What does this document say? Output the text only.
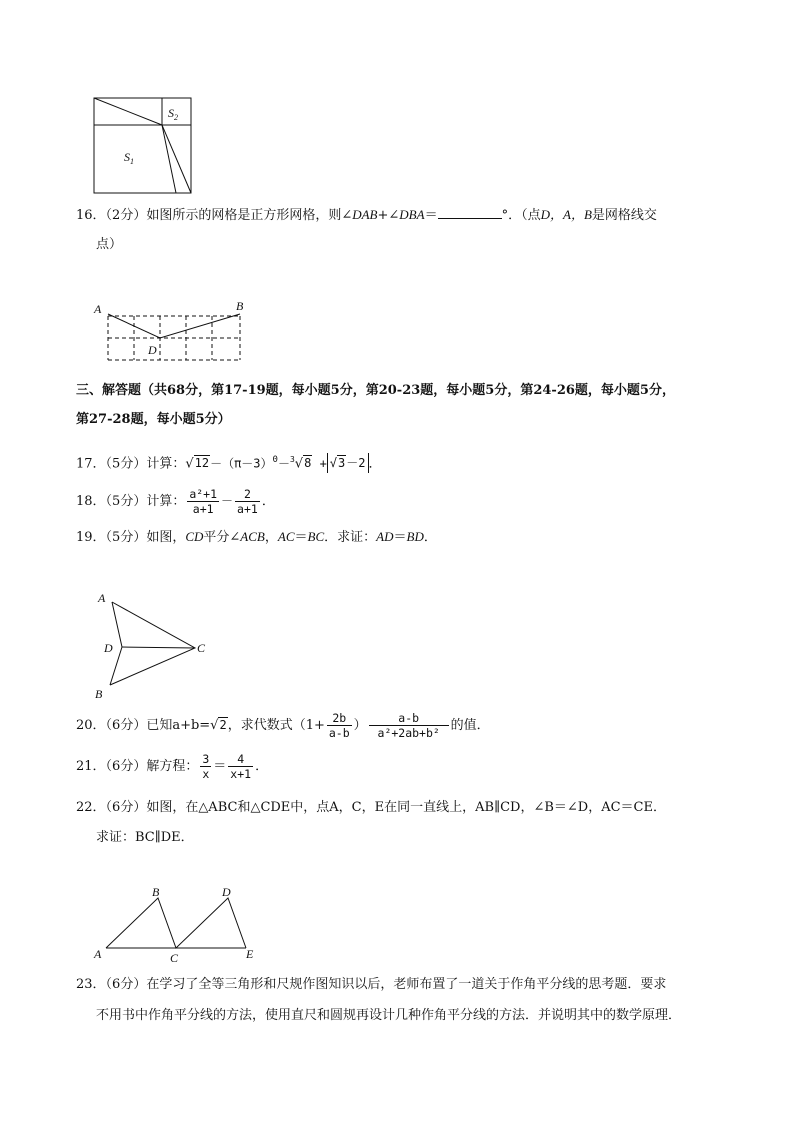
$S_2$
$S_1$
16．（2分）如图所示的网格是正方形网格，则∠DAB+∠DBA＝	°．（点D，A，B是网格线交
点）
A	B
D
三、解答题（共68分，第17-19题，每小题5分，第20-23题，每小题5分，第24-26题，每小题5分，
第27-28题，每小题5分）
17．（5分）计算：$√12-(\pi-3)^0-^3√8 + √3-2$ ．
18．（5分）计算： $\frac{\text{a²+1}}{a+1} - \frac{2}{a+1}$ ．
19．（5分）如图，CD平分∠ACB，AC＝BC．求证：AD＝BD．
A
D	C
B
20．（6分）已知a+b=√2，求代数式（$1+ \frac{2b}{a-b}$ ） $\frac{a-b}{\text{a²+2ab+b²}}$ 的值．
21．（6分）解方程： $\frac{3}{x} = \frac{4}{x+1}$ ．
22．（6分）如图，在△ABC和△CDE中，点A，C，E在同一直线上，AB∥CD，∠B＝∠D，AC＝CE．
求证：BC∥DE．
A
B
C
D
E
23．（6分）在学习了全等三角形和尺规作图知识以后，老师布置了一道关于作角平分线的思考题．要求
不用书中作角平分线的方法，使用直尺和圆规再设计几种作角平分线的方法．并说明其中的数学原理．
